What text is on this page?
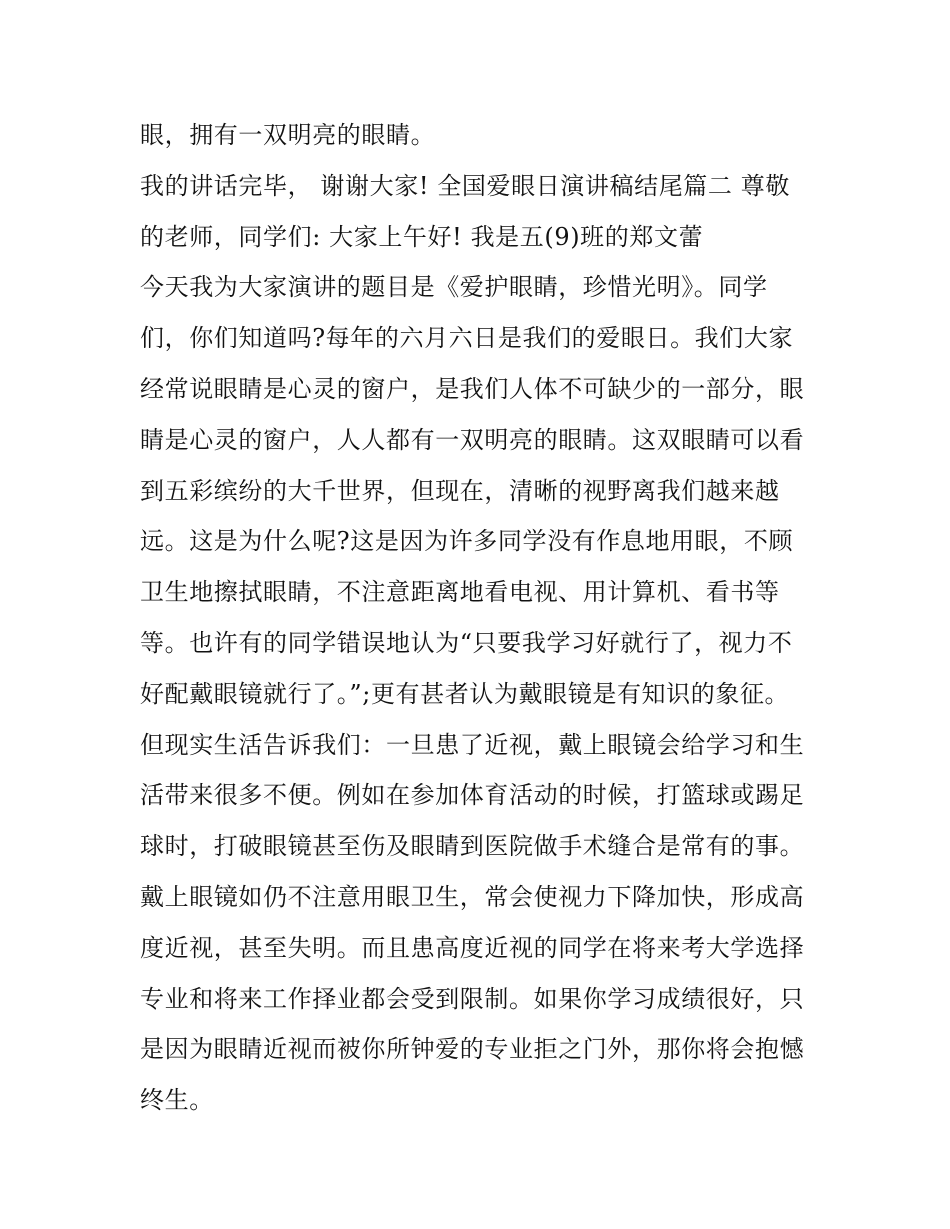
眼，拥有一双明亮的眼睛。
我的讲话完毕， 谢谢大家! 全国爱眼日演讲稿结尾篇二 尊敬
的老师，同学们: 大家上午好! 我是五(9)班的郑文蕾
今天我为大家演讲的题目是《爱护眼睛，珍惜光明》。同学
们，你们知道吗?每年的六月六日是我们的爱眼日。我们大家
经常说眼睛是心灵的窗户，是我们人体不可缺少的一部分，眼
睛是心灵的窗户，人人都有一双明亮的眼睛。这双眼睛可以看
到五彩缤纷的大千世界，但现在，清晰的视野离我们越来越
远。这是为什么呢?这是因为许多同学没有作息地用眼，不顾
卫生地擦拭眼睛，不注意距离地看电视、用计算机、看书等
等。也许有的同学错误地认为“只要我学习好就行了，视力不
好配戴眼镜就行了。”;更有甚者认为戴眼镜是有知识的象征。
但现实生活告诉我们：一旦患了近视，戴上眼镜会给学习和生
活带来很多不便。例如在参加体育活动的时候，打篮球或踢足
球时，打破眼镜甚至伤及眼睛到医院做手术缝合是常有的事。
戴上眼镜如仍不注意用眼卫生，常会使视力下降加快，形成高
度近视，甚至失明。而且患高度近视的同学在将来考大学选择
专业和将来工作择业都会受到限制。如果你学习成绩很好，只
是因为眼睛近视而被你所钟爱的专业拒之门外，那你将会抱憾
终生。
